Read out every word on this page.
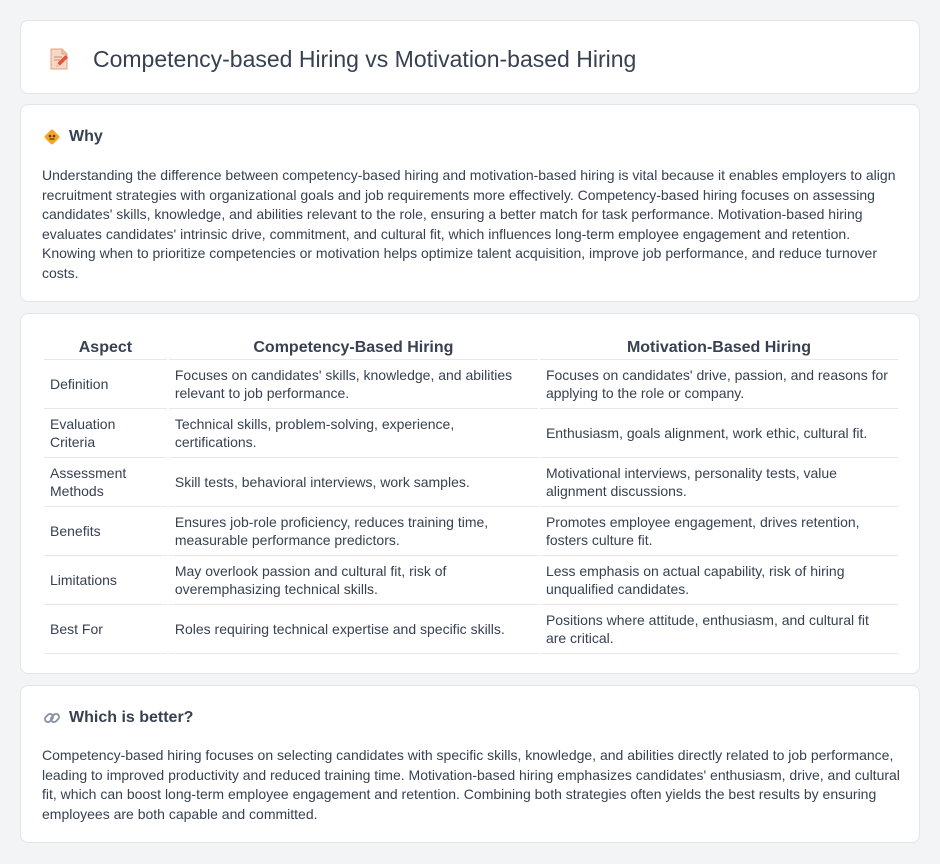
Competency-based Hiring vs Motivation-based Hiring
Why

Understanding the difference between competency-based hiring and motivation-based hiring is vital because it enables employers to align recruitment strategies with organizational goals and job requirements more effectively. Competency-based hiring focuses on assessing candidates' skills, knowledge, and abilities relevant to the role, ensuring a better match for task performance. Motivation-based hiring evaluates candidates' intrinsic drive, commitment, and cultural fit, which influences long-term employee engagement and retention. Knowing when to prioritize competencies or motivation helps optimize talent acquisition, improve job performance, and reduce turnover costs.

Aspect	Competency-Based Hiring	Motivation-Based Hiring
Definition	Focuses on candidates' skills, knowledge, and abilities relevant to job performance.	Focuses on candidates' drive, passion, and reasons for applying to the role or company.
Evaluation Criteria	Technical skills, problem-solving, experience, certifications.	Enthusiasm, goals alignment, work ethic, cultural fit.
Assessment Methods	Skill tests, behavioral interviews, work samples.	Motivational interviews, personality tests, value alignment discussions.
Benefits	Ensures job-role proficiency, reduces training time, measurable performance predictors.	Promotes employee engagement, drives retention, fosters culture fit.
Limitations	May overlook passion and cultural fit, risk of overemphasizing technical skills.	Less emphasis on actual capability, risk of hiring unqualified candidates.
Best For	Roles requiring technical expertise and specific skills.	Positions where attitude, enthusiasm, and cultural fit are critical.
Which is better?

Competency-based hiring focuses on selecting candidates with specific skills, knowledge, and abilities directly related to job performance, leading to improved productivity and reduced training time. Motivation-based hiring emphasizes candidates' enthusiasm, drive, and cultural fit, which can boost long-term employee engagement and retention. Combining both strategies often yields the best results by ensuring employees are both capable and committed.
